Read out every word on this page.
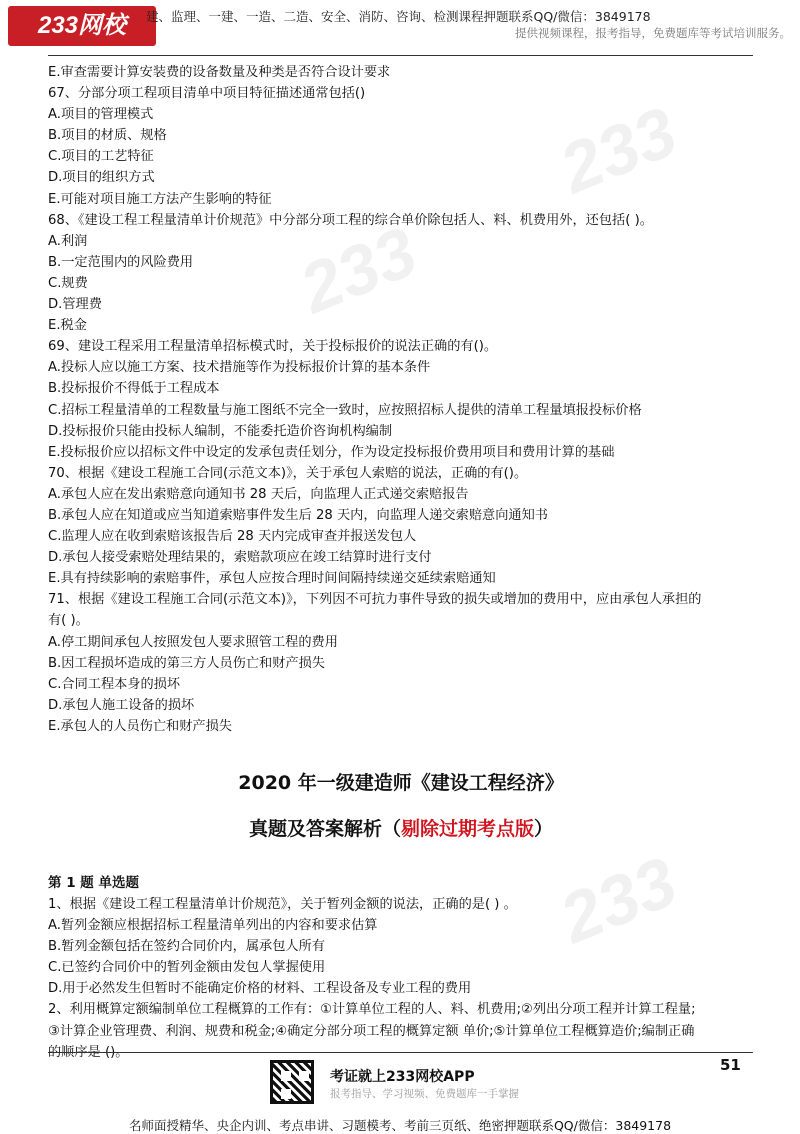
233网校	建、监理、一建、一造、二造、安全、消防、咨询、检测课程押题联系QQ/微信：3849178
提供视频课程，报考指导，免费题库等考试培训服务。
233
233
233

E.审查需要计算安装费的设备数量及种类是否符合设计要求

67、分部分项工程项目清单中项目特征描述通常包括()

A.项目的管理模式

B.项目的材质、规格

C.项目的工艺特征

D.项目的组织方式

E.可能对项目施工方法产生影响的特征

68、《建设工程工程量清单计价规范》中分部分项工程的综合单价除包括人、料、机费用外，还包括( )。

A.利润

B.一定范围内的风险费用

C.规费

D.管理费

E.税金

69、建设工程采用工程量清单招标模式时，关于投标报价的说法正确的有()。

A.投标人应以施工方案、技术措施等作为投标报价计算的基本条件

B.投标报价不得低于工程成本

C.招标工程量清单的工程数量与施工图纸不完全一致时，应按照招标人提供的清单工程量填报投标价格

D.投标报价只能由投标人编制，不能委托造价咨询机构编制

E.投标报价应以招标文件中设定的发承包责任划分，作为设定投标报价费用项目和费用计算的基础

70、根据《建设工程施工合同(示范文本)》，关于承包人索赔的说法，正确的有()。

A.承包人应在发出索赔意向通知书 28 天后，向监理人正式递交索赔报告

B.承包人应在知道或应当知道索赔事件发生后 28 天内，向监理人递交索赔意向通知书

C.监理人应在收到索赔该报告后 28 天内完成审查并报送发包人

D.承包人接受索赔处理结果的，索赔款项应在竣工结算时进行支付

E.具有持续影响的索赔事件，承包人应按合理时间间隔持续递交延续索赔通知

71、根据《建设工程施工合同(示范文本)》，下列因不可抗力事件导致的损失或增加的费用中，应由承包人承担的

有( )。

A.停工期间承包人按照发包人要求照管工程的费用

B.因工程损坏造成的第三方人员伤亡和财产损失

C.合同工程本身的损坏

D.承包人施工设备的损坏

E.承包人的人员伤亡和财产损失

2020 年一级建造师《建设工程经济》
真题及答案解析（剔除过期考点版）
第 1 题 单选题

1、根据《建设工程工程量清单计价规范》，关于暂列金额的说法，正确的是( ) 。

A.暂列金额应根据招标工程量清单列出的内容和要求估算

B.暂列金额包括在签约合同价内，属承包人所有

C.已签约合同价中的暂列金额由发包人掌握使用

D.用于必然发生但暂时不能确定价格的材料、工程设备及专业工程的费用

2、利用概算定额编制单位工程概算的工作有：①计算单位工程的人、料、机费用;②列出分项工程并计算工程量;

③计算企业管理费、利润、规费和税金;④确定分部分项工程的概算定额 单价;⑤计算单位工程概算造价;编制正确

的顺序是 ()。

考证就上233网校APP
报考指导、学习视频、免费题库一手掌握
51
名师面授精华、央企内训、考点串讲、习题模考、考前三页纸、绝密押题联系QQ/微信：3849178
